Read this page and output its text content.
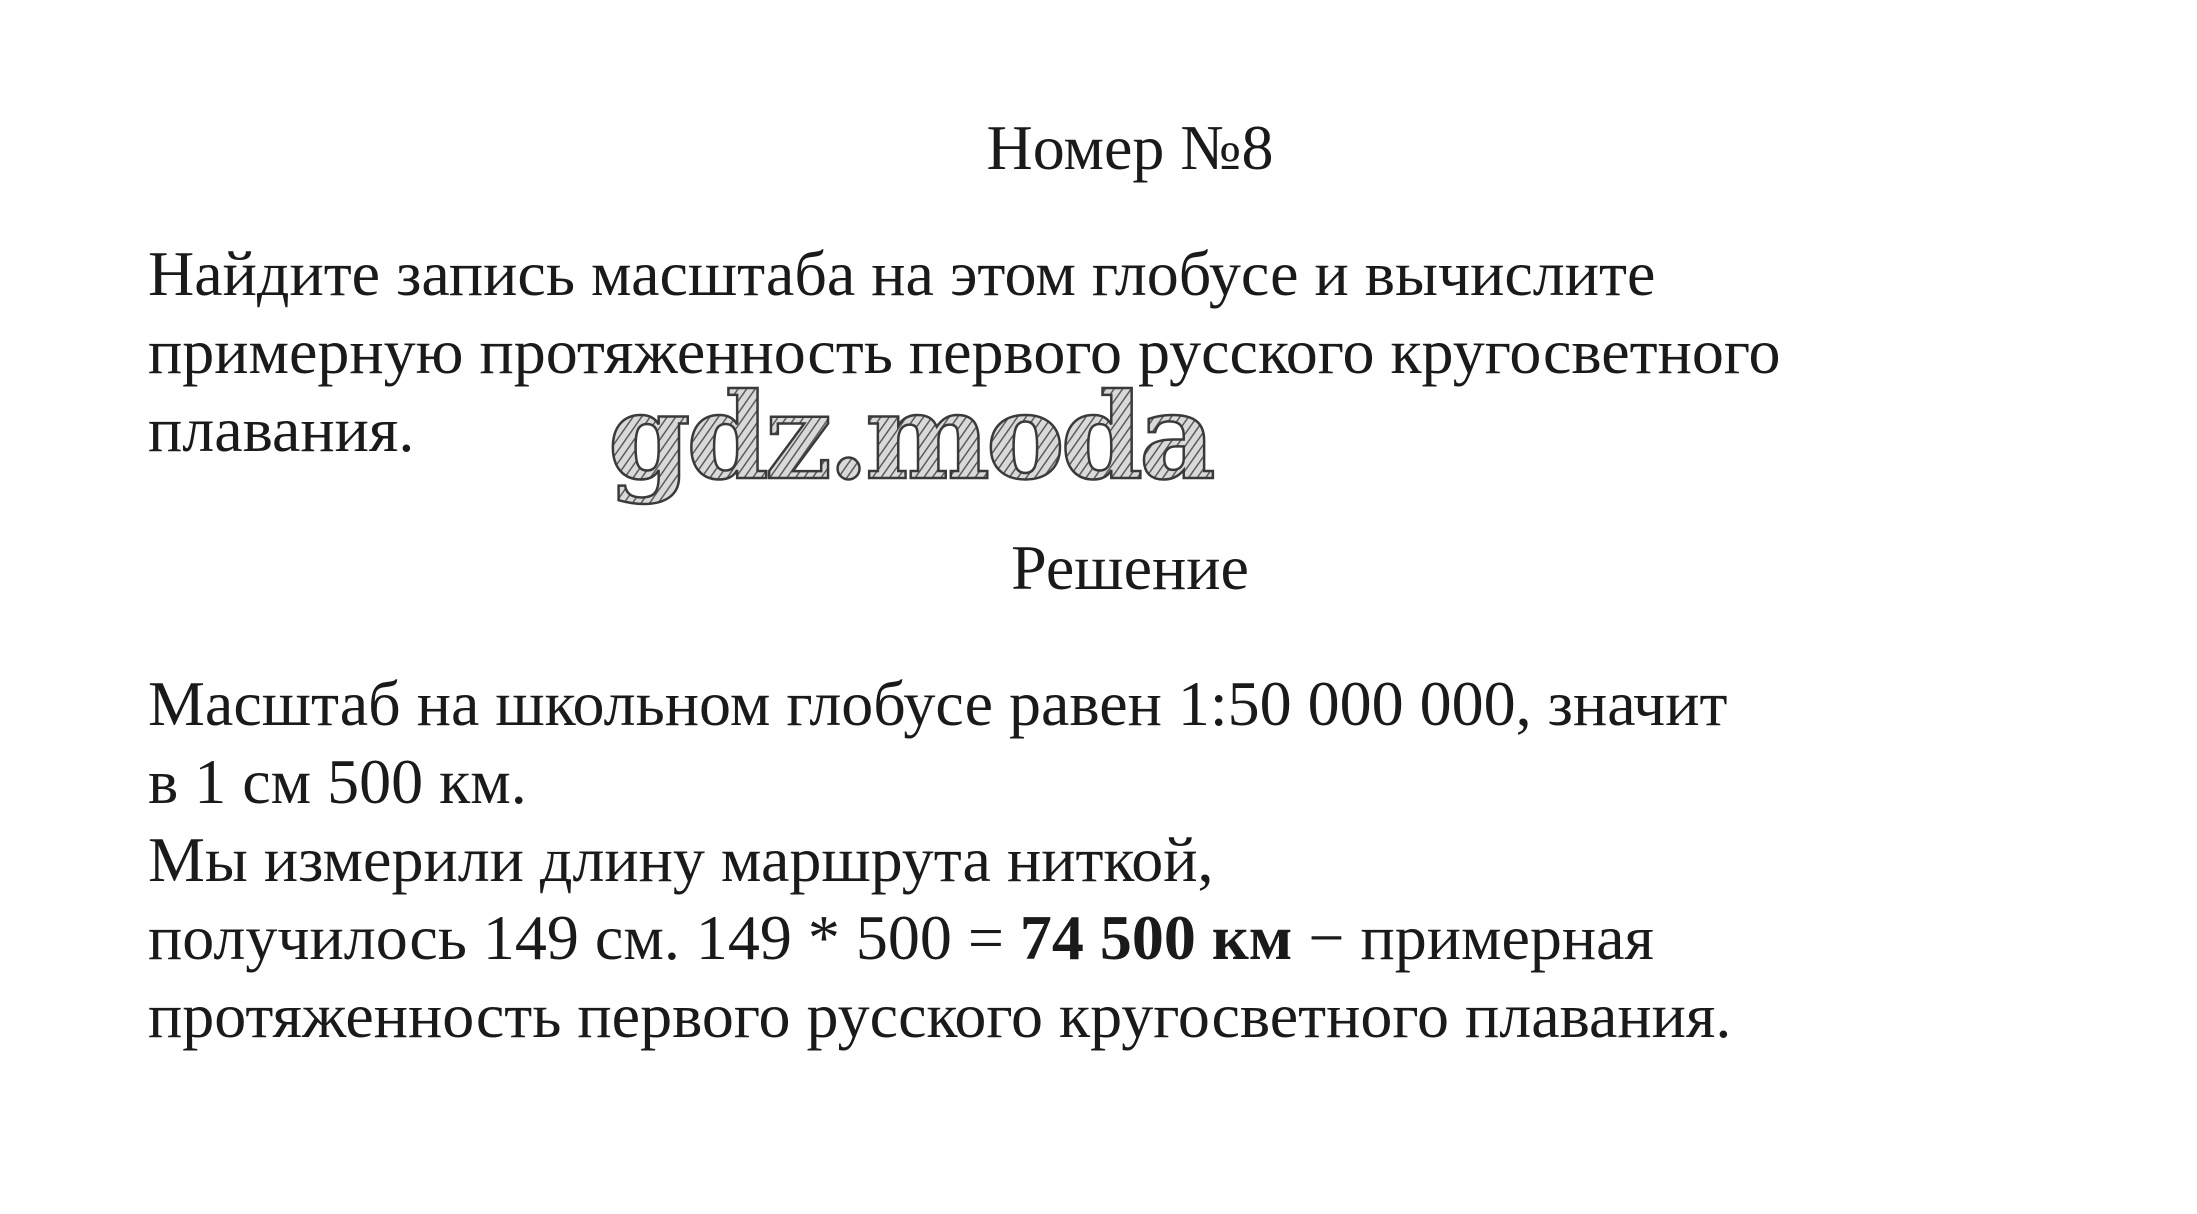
Номер №8
Найдите запись масштаба на этом глобусе и вычислите
примерную протяженность первого русского кругосветного
плавания.	gdz.moda
Решение
Масштаб на школьном глобусе равен 1:50 000 000, значит
в 1 см 500 км.
Мы измерили длину маршрута ниткой,
получилось 149 см. 149 * 500 = 74 500 км − примерная
протяженность первого русского кругосветного плавания.
